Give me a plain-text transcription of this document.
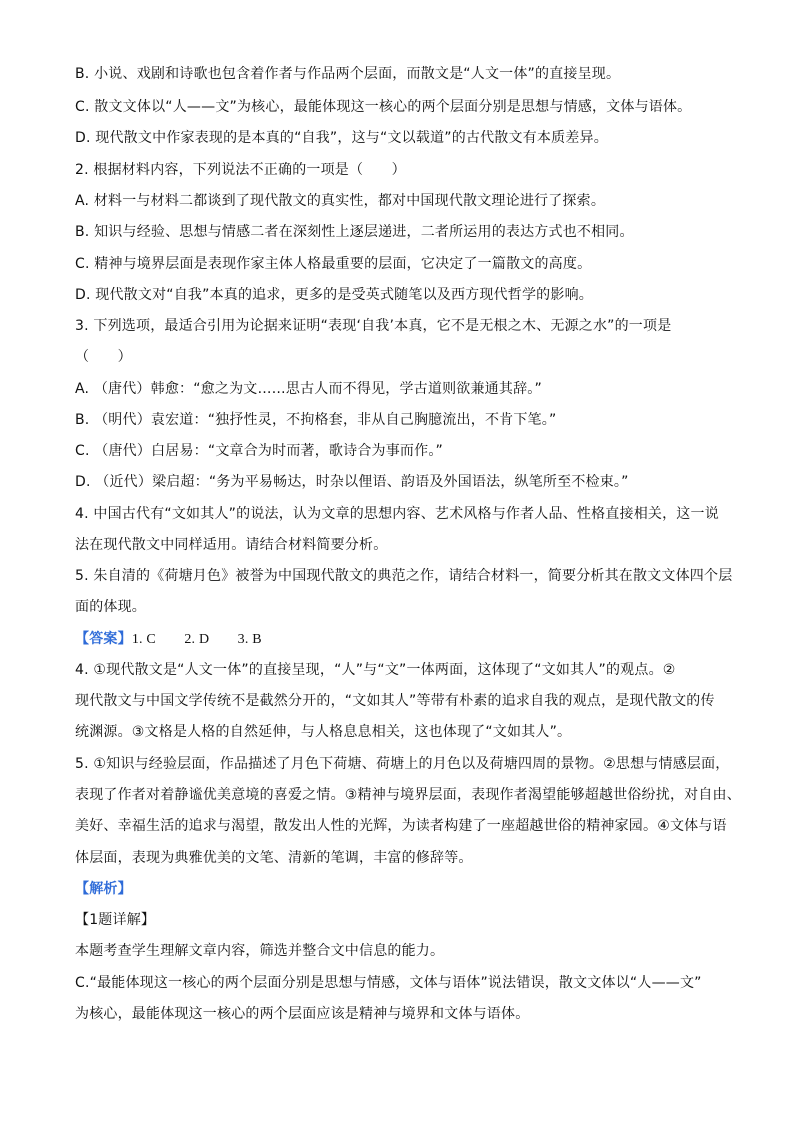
B. 小说、戏剧和诗歌也包含着作者与作品两个层面，而散文是“人文一体”的直接呈现。
C. 散文文体以“人——文”为核心，最能体现这一核心的两个层面分别是思想与情感，文体与语体。
D. 现代散文中作家表现的是本真的“自我”，这与“文以载道”的古代散文有本质差异。
2. 根据材料内容，下列说法不正确的一项是（　　）
A. 材料一与材料二都谈到了现代散文的真实性，都对中国现代散文理论进行了探索。
B. 知识与经验、思想与情感二者在深刻性上逐层递进，二者所运用的表达方式也不相同。
C. 精神与境界层面是表现作家主体人格最重要的层面，它决定了一篇散文的高度。
D. 现代散文对“自我”本真的追求，更多的是受英式随笔以及西方现代哲学的影响。
3. 下列选项，最适合引用为论据来证明“表现‘自我’本真，它不是无根之木、无源之水”的一项是
（　　）
A. （唐代）韩愈：“愈之为文……思古人而不得见，学古道则欲兼通其辞。”
B. （明代）袁宏道：“独抒性灵，不拘格套，非从自己胸臆流出，不肯下笔。”
C. （唐代）白居易：“文章合为时而著，歌诗合为事而作。”
D. （近代）梁启超：“务为平易畅达，时杂以俚语、韵语及外国语法，纵笔所至不检束。”
4. 中国古代有“文如其人”的说法，认为文章的思想内容、艺术风格与作者人品、性格直接相关，这一说
法在现代散文中同样适用。请结合材料简要分析。
5. 朱自清的《荷塘月色》被誉为中国现代散文的典范之作，请结合材料一，简要分析其在散文文体四个层
面的体现。
【答案】1. C　　2. D　　3. B
4. ①现代散文是“人文一体”的直接呈现，“人”与“文”一体两面，这体现了“文如其人”的观点。②
现代散文与中国文学传统不是截然分开的，“文如其人”等带有朴素的追求自我的观点，是现代散文的传
统渊源。③文格是人格的自然延伸，与人格息息相关，这也体现了“文如其人”。
5. ①知识与经验层面，作品描述了月色下荷塘、荷塘上的月色以及荷塘四周的景物。②思想与情感层面，
表现了作者对着静谧优美意境的喜爱之情。③精神与境界层面，表现作者渴望能够超越世俗纷扰，对自由、
美好、幸福生活的追求与渴望，散发出人性的光辉，为读者构建了一座超越世俗的精神家园。④文体与语
体层面，表现为典雅优美的文笔、清新的笔调，丰富的修辞等。
【解析】
【1题详解】
本题考查学生理解文章内容，筛选并整合文中信息的能力。
C.“最能体现这一核心的两个层面分别是思想与情感，文体与语体”说法错误，散文文体以“人——文”
为核心，最能体现这一核心的两个层面应该是精神与境界和文体与语体。
